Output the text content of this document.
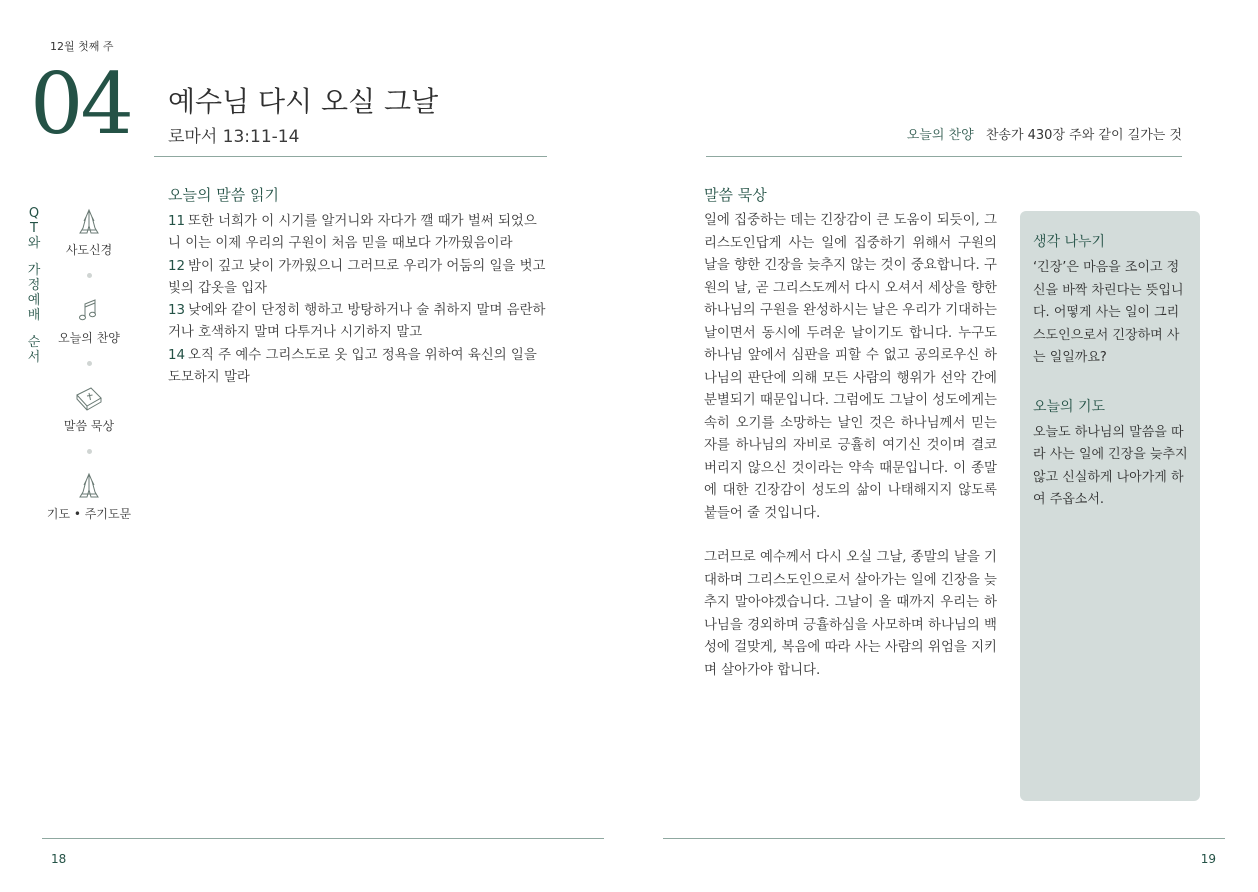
12월 첫째 주
04 예수님 다시 오실 그날
로마서 13:11-14	오늘의 찬양 찬송가 430장 주와 같이 길가는 것
Q
T
와
가
정
예
배
순
서
사도신경
오늘의 찬양
말씀 묵상
기도 • 주기도문
오늘의 말씀 읽기
11 또한 너희가 이 시기를 알거니와 자다가 깰 때가 벌써 되었으니 이는 이제 우리의 구원이 처음 믿을 때보다 가까웠음이라
12 밤이 깊고 낮이 가까웠으니 그러므로 우리가 어둠의 일을 벗고 빛의 갑옷을 입자
13 낮에와 같이 단정히 행하고 방탕하거나 술 취하지 말며 음란하거나 호색하지 말며 다투거나 시기하지 말고
14 오직 주 예수 그리스도로 옷 입고 정욕을 위하여 육신의 일을 도모하지 말라
말씀 묵상

일에 집중하는 데는 긴장감이 큰 도움이 되듯이, 그리스도인답게 사는 일에 집중하기 위해서 구원의 날을 향한 긴장을 늦추지 않는 것이 중요합니다. 구원의 날, 곧 그리스도께서 다시 오셔서 세상을 향한 하나님의 구원을 완성하시는 날은 우리가 기대하는 날이면서 동시에 두려운 날이기도 합니다. 누구도 하나님 앞에서 심판을 피할 수 없고 공의로우신 하나님의 판단에 의해 모든 사람의 행위가 선악 간에 분별되기 때문입니다. 그럼에도 그날이 성도에게는 속히 오기를 소망하는 날인 것은 하나님께서 믿는 자를 하나님의 자비로 긍휼히 여기신 것이며 결코 버리지 않으신 것이라는 약속 때문입니다. 이 종말에 대한 긴장감이 성도의 삶이 나태해지지 않도록 붙들어 줄 것입니다.

그러므로 예수께서 다시 오실 그날, 종말의 날을 기대하며 그리스도인으로서 살아가는 일에 긴장을 늦추지 말아야겠습니다. 그날이 올 때까지 우리는 하나님을 경외하며 긍휼하심을 사모하며 하나님의 백성에 걸맞게, 복음에 따라 사는 사람의 위엄을 지키며 살아가야 합니다.

생각 나누기
‘긴장’은 마음을 조이고 정신을 바짝 차린다는 뜻입니다. 어떻게 사는 일이 그리스도인으로서 긴장하며 사는 일일까요?
오늘의 기도
오늘도 하나님의 말씀을 따라 사는 일에 긴장을 늦추지 않고 신실하게 나아가게 하여 주옵소서.
18	19
